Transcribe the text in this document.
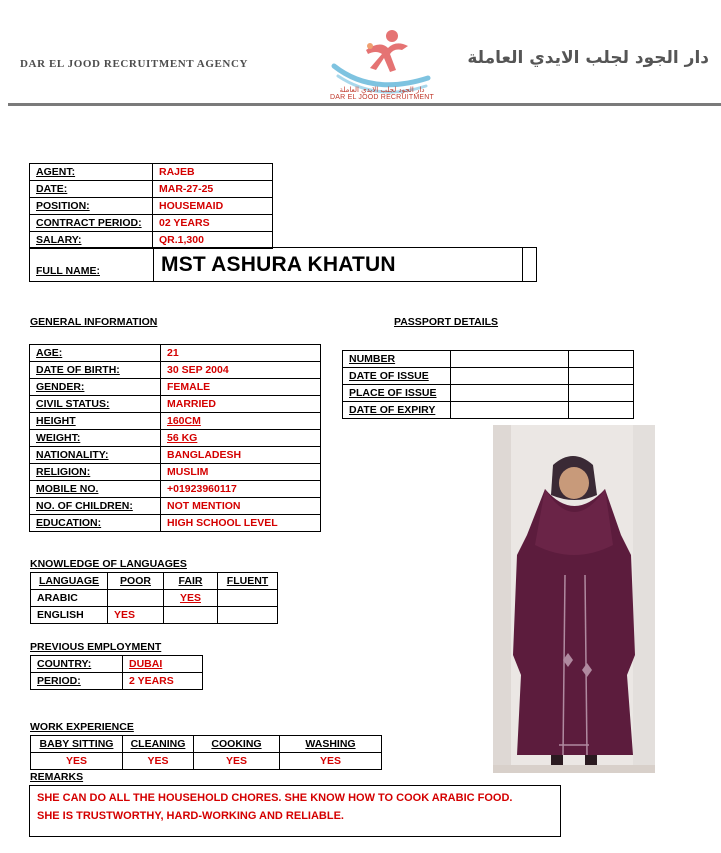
DAR EL JOOD RECRUITMENT AGENCY
دار الجود لجلب الايدي العاملة
DAR EL JOOD RECRUITMENT
دار الجود لجلب الايدي العاملة
AGENT:	RAJEB
DATE:	MAR-27-25
POSITION:	HOUSEMAID
CONTRACT PERIOD:	02 YEARS
SALARY:	QR.1,300
FULL NAME:	MST ASHURA KHATUN
GENERAL INFORMATION
AGE:	21
DATE OF BIRTH:	30 SEP 2004
GENDER:	FEMALE
CIVIL STATUS:	MARRIED
HEIGHT	160CM
WEIGHT:	56 KG
NATIONALITY:	BANGLADESH
RELIGION:	MUSLIM
MOBILE NO.	+01923960117
NO. OF CHILDREN:	NOT MENTION
EDUCATION:	HIGH SCHOOL LEVEL
PASSPORT DETAILS
NUMBER		
DATE OF ISSUE		
PLACE OF ISSUE		
DATE OF EXPIRY		
KNOWLEDGE OF LANGUAGES
LANGUAGE	POOR	FAIR	FLUENT
ARABIC		YES	
ENGLISH	YES		
PREVIOUS EMPLOYMENT
COUNTRY:	DUBAI
PERIOD:	2 YEARS
WORK EXPERIENCE
BABY SITTING	CLEANING	COOKING	WASHING
YES	YES	YES	YES
REMARKS

SHE CAN DO ALL THE HOUSEHOLD CHORES. SHE KNOW HOW TO COOK ARABIC FOOD.

SHE IS TRUSTWORTHY, HARD-WORKING AND RELIABLE.
